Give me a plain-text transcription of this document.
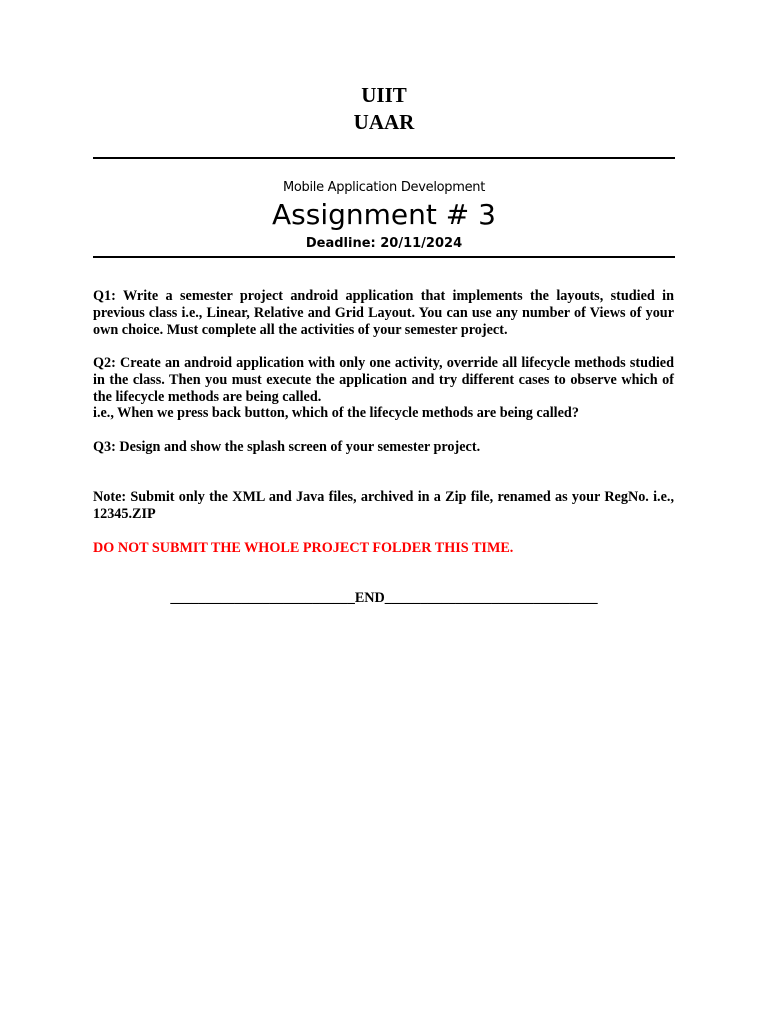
UIIT
UAAR
Mobile Application Development
Assignment # 3
Deadline: 20/11/2024
Q1: Write a semester project android application that implements the layouts, studied in previous class i.e., Linear, Relative and Grid Layout. You can use any number of Views of your own choice. Must complete all the activities of your semester project.
Q2: Create an android application with only one activity, override all lifecycle methods studied in the class. Then you must execute the application and try different cases to observe which of the lifecycle methods are being called.
i.e., When we press back button, which of the lifecycle methods are being called?
Q3: Design and show the splash screen of your semester project.
Note: Submit only the XML and Java files, archived in a Zip file, renamed as your RegNo. i.e., 12345.ZIP
DO NOT SUBMIT THE WHOLE PROJECT FOLDER THIS TIME.
__________________________END______________________________
